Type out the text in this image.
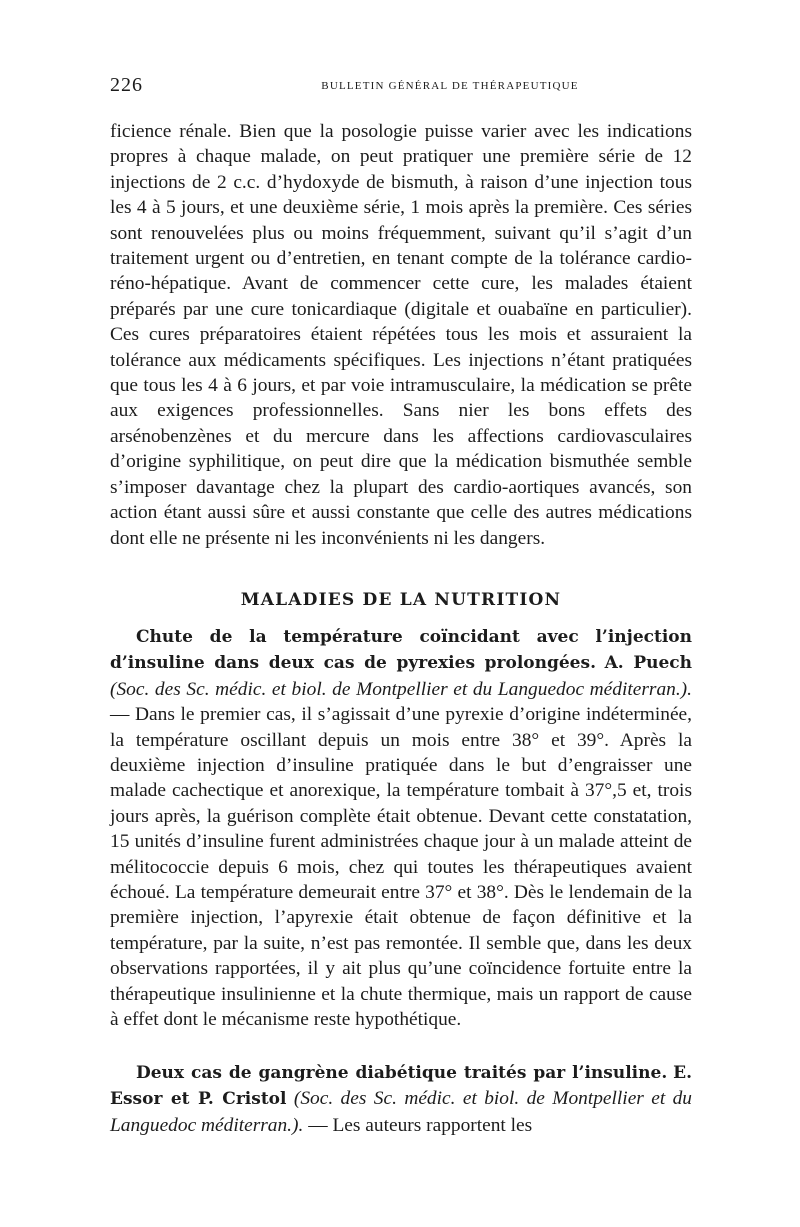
226	BULLETIN GÉNÉRAL DE THÉRAPEUTIQUE
ficience rénale. Bien que la posologie puisse varier avec les indications propres à chaque malade, on peut pratiquer une première série de 12 injections de 2 c.c. d’hydoxyde de bismuth, à raison d’une injection tous les 4 à 5 jours, et une deuxième série, 1 mois après la première. Ces séries sont renouvelées plus ou moins fréquemment, suivant qu’il s’agit d’un traitement urgent ou d’entretien, en tenant compte de la tolérance cardio-réno-hépatique. Avant de commencer cette cure, les malades étaient préparés par une cure tonicardiaque (digitale et ouabaïne en particulier). Ces cures préparatoires étaient répétées tous les mois et assuraient la tolérance aux médicaments spécifiques. Les injections n’étant pratiquées que tous les 4 à 6 jours, et par voie intramusculaire, la médication se prête aux exigences professionnelles. Sans nier les bons effets des arsénobenzènes et du mercure dans les affections cardiovasculaires d’origine syphilitique, on peut dire que la médication bismuthée semble s’imposer davantage chez la plupart des cardio-aortiques avancés, son action étant aussi sûre et aussi constante que celle des autres médications dont elle ne présente ni les inconvénients ni les dangers.
MALADIES DE LA NUTRITION
Chute de la température coïncidant avec l’injection d’insuline dans deux cas de pyrexies prolongées. A. Puech (Soc. des Sc. médic. et biol. de Montpellier et du Languedoc méditerran.). — Dans le premier cas, il s’agissait d’une pyrexie d’origine indéterminée, la température oscillant depuis un mois entre 38° et 39°. Après la deuxième injection d’insuline pratiquée dans le but d’engraisser une malade cachectique et anorexique, la température tombait à 37°,5 et, trois jours après, la guérison complète était obtenue. Devant cette constatation, 15 unités d’insuline furent administrées chaque jour à un malade atteint de mélitococcie depuis 6 mois, chez qui toutes les thérapeutiques avaient échoué. La température demeurait entre 37° et 38°. Dès le lendemain de la première injection, l’apyrexie était obtenue de façon définitive et la température, par la suite, n’est pas remontée. Il semble que, dans les deux observations rapportées, il y ait plus qu’une coïncidence fortuite entre la thérapeutique insulinienne et la chute thermique, mais un rapport de cause à effet dont le mécanisme reste hypothétique.
Deux cas de gangrène diabétique traités par l’insuline. E. Essor et P. Cristol (Soc. des Sc. médic. et biol. de Montpellier et du Languedoc méditerran.). — Les auteurs rapportent les
